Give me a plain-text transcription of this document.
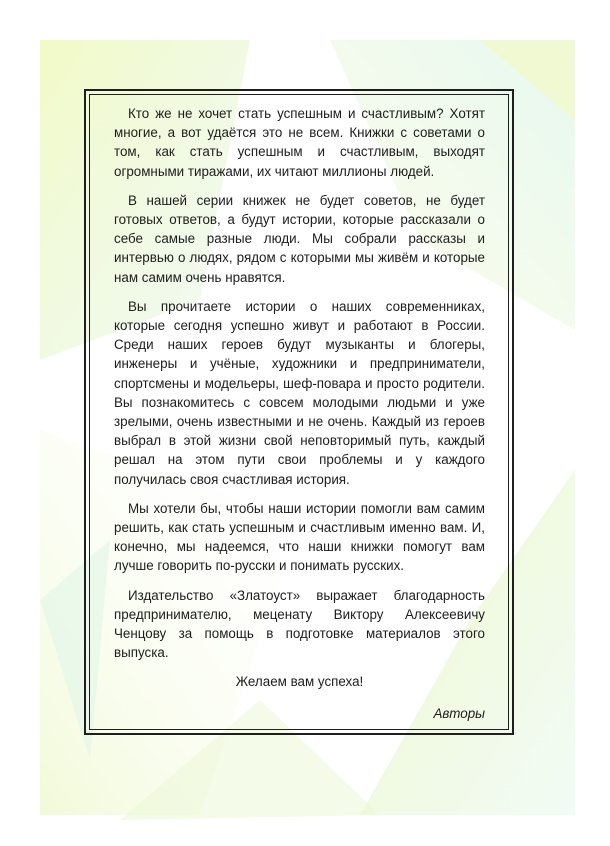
Кто же не хочет стать успешным и счастливым? Хотят многие, а вот удаётся это не всем. Книжки с советами о том, как стать успешным и счастливым, выходят огромными тиражами, их читают миллионы людей.

В нашей серии книжек не будет советов, не будет готовых ответов, а будут истории, которые рассказали о себе самые разные люди. Мы собрали рассказы и интервью о людях, рядом с которыми мы живём и которые нам самим очень нравятся.

Вы прочитаете истории о наших современниках, которые сегодня успешно живут и работают в России. Среди наших героев будут музыканты и блогеры, инженеры и учёные, художники и предприниматели, спортсмены и модельеры, шеф-повара и просто родители. Вы познакомитесь с совсем молодыми людьми и уже зрелыми, очень известными и не очень. Каждый из героев выбрал в этой жизни свой неповторимый путь, каждый решал на этом пути свои проблемы и у каждого получилась своя счастливая история.

Мы хотели бы, чтобы наши истории помогли вам самим решить, как стать успешным и счастливым именно вам. И, конечно, мы надеемся, что наши книжки помогут вам лучше говорить по-русски и понимать русских.

Издательство «Златоуст» выражает благодарность предпринимателю, меценату Виктору Алексеевичу Ченцову за помощь в подготовке материалов этого выпуска.

Желаем вам успеха!

Авторы
